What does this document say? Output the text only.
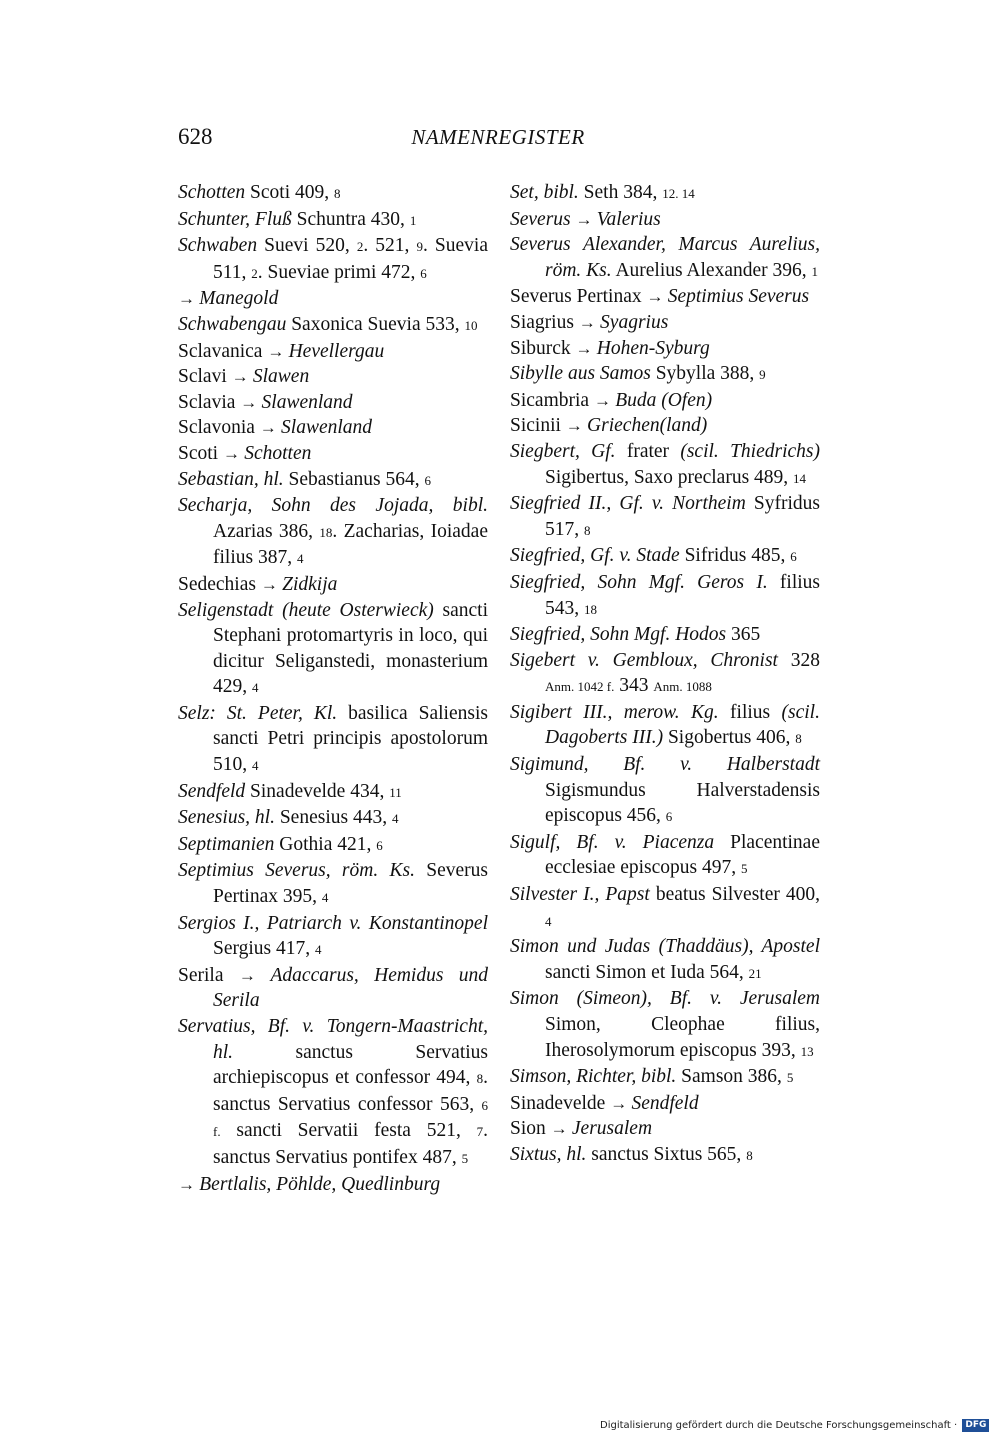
628	NAMENREGISTER

Schotten Scoti 409, 8

Schunter, Fluß Schuntra 430, 1

Schwaben Suevi 520, 2. 521, 9. Suevia 511, 2. Sueviae primi 472, 6

→ Manegold

Schwabengau Saxonica Suevia 533, 10

Sclavanica → Hevellergau

Sclavi → Slawen

Sclavia → Slawenland

Sclavonia → Slawenland

Scoti → Schotten

Sebastian, hl. Sebastianus 564, 6

Secharja, Sohn des Jojada, bibl. Azarias 386, 18. Zacharias, Ioiadae filius 387, 4

Sedechias → Zidkija

Seligenstadt (heute Osterwieck) sancti Stephani protomartyris in loco, qui dicitur Seliganstedi, monasterium 429, 4

Selz: St. Peter, Kl. basilica Saliensis sancti Petri principis apostolorum 510, 4

Sendfeld Sinadevelde 434, 11

Senesius, hl. Senesius 443, 4

Septimanien Gothia 421, 6

Septimius Severus, röm. Ks. Severus Pertinax 395, 4

Sergios I., Patriarch v. Konstantinopel Sergius 417, 4

Serila → Adaccarus, Hemidus und Serila

Servatius, Bf. v. Tongern-Maastricht, hl. sanctus Servatius archiepiscopus et confessor 494, 8. sanctus Servatius confessor 563, 6 f. sancti Servatii festa 521, 7. sanctus Servatius pontifex 487, 5

→ Bertlalis, Pöhlde, Quedlinburg

Set, bibl. Seth 384, 12. 14

Severus → Valerius

Severus Alexander, Marcus Aurelius, röm. Ks. Aurelius Alexander 396, 1

Severus Pertinax → Septimius Severus

Siagrius → Syagrius

Siburck → Hohen-Syburg

Sibylle aus Samos Sybylla 388, 9

Sicambria → Buda (Ofen)

Sicinii → Griechen(land)

Siegbert, Gf. frater (scil. Thiedrichs) Sigibertus, Saxo preclarus 489, 14

Siegfried II., Gf. v. Northeim Syfridus 517, 8

Siegfried, Gf. v. Stade Sifridus 485, 6

Siegfried, Sohn Mgf. Geros I. filius 543, 18

Siegfried, Sohn Mgf. Hodos 365

Sigebert v. Gembloux, Chronist 328 Anm. 1042 f. 343 Anm. 1088

Sigibert III., merow. Kg. filius (scil. Dagoberts III.) Sigobertus 406, 8

Sigimund, Bf. v. Halberstadt Sigismundus Halverstadensis episcopus 456, 6

Sigulf, Bf. v. Piacenza Placentinae ecclesiae episcopus 497, 5

Silvester I., Papst beatus Silvester 400, 4

Simon und Judas (Thaddäus), Apostel sancti Simon et Iuda 564, 21

Simon (Simeon), Bf. v. Jerusalem Simon, Cleophae filius, Iherosolymorum episcopus 393, 13

Simson, Richter, bibl. Samson 386, 5

Sinadevelde → Sendfeld

Sion → Jerusalem

Sixtus, hl. sanctus Sixtus 565, 8

Digitalisierung gefördert durch die Deutsche Forschungsgemeinschaft · DFG
